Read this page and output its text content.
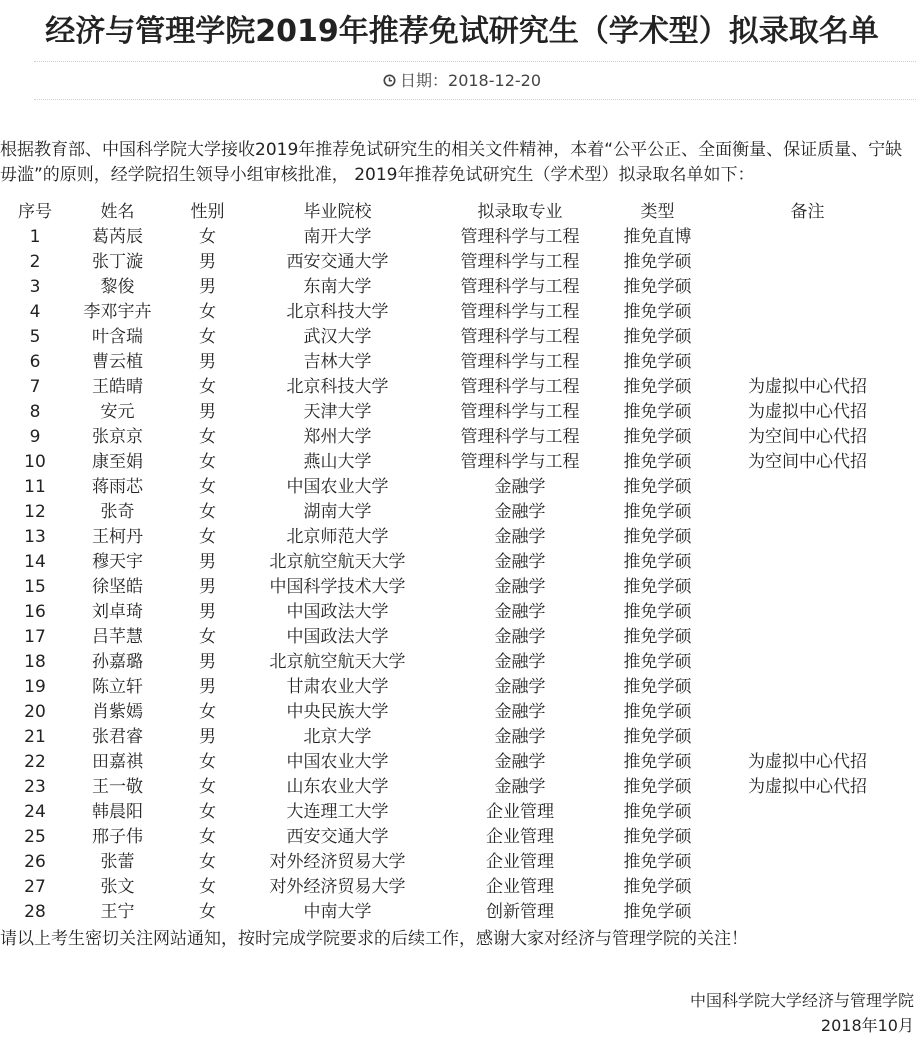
经济与管理学院2019年推荐免试研究生（学术型）拟录取名单
日期：2018-12-20
根据教育部、中国科学院大学接收2019年推荐免试研究生的相关文件精神，本着“公平公正、全面衡量、保证质量、宁缺毋滥”的原则，经学院招生领导小组审核批准， 2019年推荐免试研究生（学术型）拟录取名单如下：
序号	姓名	性别	毕业院校	拟录取专业	类型	备注
1	葛芮辰	女	南开大学	管理科学与工程	推免直博	
2	张丁漩	男	西安交通大学	管理科学与工程	推免学硕	
3	黎俊	男	东南大学	管理科学与工程	推免学硕	
4	李邓宇卉	女	北京科技大学	管理科学与工程	推免学硕	
5	叶含瑞	女	武汉大学	管理科学与工程	推免学硕	
6	曹云植	男	吉林大学	管理科学与工程	推免学硕	
7	王皓晴	女	北京科技大学	管理科学与工程	推免学硕	为虚拟中心代招
8	安元	男	天津大学	管理科学与工程	推免学硕	为虚拟中心代招
9	张京京	女	郑州大学	管理科学与工程	推免学硕	为空间中心代招
10	康至娟	女	燕山大学	管理科学与工程	推免学硕	为空间中心代招
11	蒋雨芯	女	中国农业大学	金融学	推免学硕	
12	张奇	女	湖南大学	金融学	推免学硕	
13	王柯丹	女	北京师范大学	金融学	推免学硕	
14	穆天宇	男	北京航空航天大学	金融学	推免学硕	
15	徐坚皓	男	中国科学技术大学	金融学	推免学硕	
16	刘卓琦	男	中国政法大学	金融学	推免学硕	
17	吕芊慧	女	中国政法大学	金融学	推免学硕	
18	孙嘉璐	男	北京航空航天大学	金融学	推免学硕	
19	陈立轩	男	甘肃农业大学	金融学	推免学硕	
20	肖紫嫣	女	中央民族大学	金融学	推免学硕	
21	张君睿	男	北京大学	金融学	推免学硕	
22	田嘉祺	女	中国农业大学	金融学	推免学硕	为虚拟中心代招
23	王一敬	女	山东农业大学	金融学	推免学硕	为虚拟中心代招
24	韩晨阳	女	大连理工大学	企业管理	推免学硕	
25	邢子伟	女	西安交通大学	企业管理	推免学硕	
26	张蕾	女	对外经济贸易大学	企业管理	推免学硕	
27	张文	女	对外经济贸易大学	企业管理	推免学硕	
28	王宁	女	中南大学	创新管理	推免学硕	
请以上考生密切关注网站通知，按时完成学院要求的后续工作，感谢大家对经济与管理学院的关注！
中国科学院大学经济与管理学院
2018年10月
